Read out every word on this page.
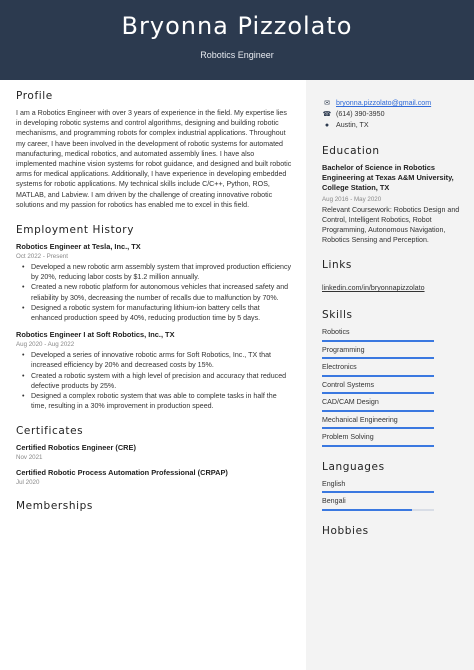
Bryonna Pizzolato
Robotics Engineer
Profile

I am a Robotics Engineer with over 3 years of experience in the field. My expertise lies in developing robotic systems and control algorithms, designing and building robotic mechanisms, and programming robots for complex industrial applications. Throughout my career, I have been involved in the development of robotic systems for automated manufacturing, medical robotics, and automated assembly lines. I have also implemented machine vision systems for robot guidance, and designed and built robotic arms for medical applications. Additionally, I have experience in developing embedded systems for robotic applications. My technical skills include C/C++, Python, ROS, MATLAB, and Labview. I am driven by the challenge of creating innovative robotic solutions and my passion for robotics has enabled me to excel in this field.

Employment History
Robotics Engineer at Tesla, Inc., TX
Oct 2022 - Present
• Developed a new robotic arm assembly system that improved production efficiency by 20%, reducing labor costs by $1.2 million annually.
• Created a new robotic platform for autonomous vehicles that increased safety and reliability by 30%, decreasing the number of recalls due to malfunction by 70%.
• Designed a robotic system for manufacturing lithium-ion battery cells that enhanced production speed by 40%, reducing production time by 5 days.
Robotics Engineer I at Soft Robotics, Inc., TX
Aug 2020 - Aug 2022
• Developed a series of innovative robotic arms for Soft Robotics, Inc., TX that increased efficiency by 20% and decreased costs by 15%.
• Created a robotic system with a high level of precision and accuracy that reduced defective products by 25%.
• Designed a complex robotic system that was able to complete tasks in half the time, resulting in a 30% improvement in production speed.
Certificates
Certified Robotics Engineer (CRE)
Nov 2021
Certified Robotic Process Automation Professional (CRPAP)
Jul 2020
Memberships
✉ bryonna.pizzolato@gmail.com
☎ (614) 390-3950
● Austin, TX
Education
Bachelor of Science in Robotics Engineering at Texas A&M University, College Station, TX
Aug 2016 - May 2020
Relevant Coursework: Robotics Design and Control, Intelligent Robotics, Robot Programming, Autonomous Navigation, Robotics Sensing and Perception.
Links
linkedin.com/in/bryonnapizzolato
Skills
Robotics
Programming
Electronics
Control Systems
CAD/CAM Design
Mechanical Engineering
Problem Solving
Languages
English
Bengali
Hobbies
